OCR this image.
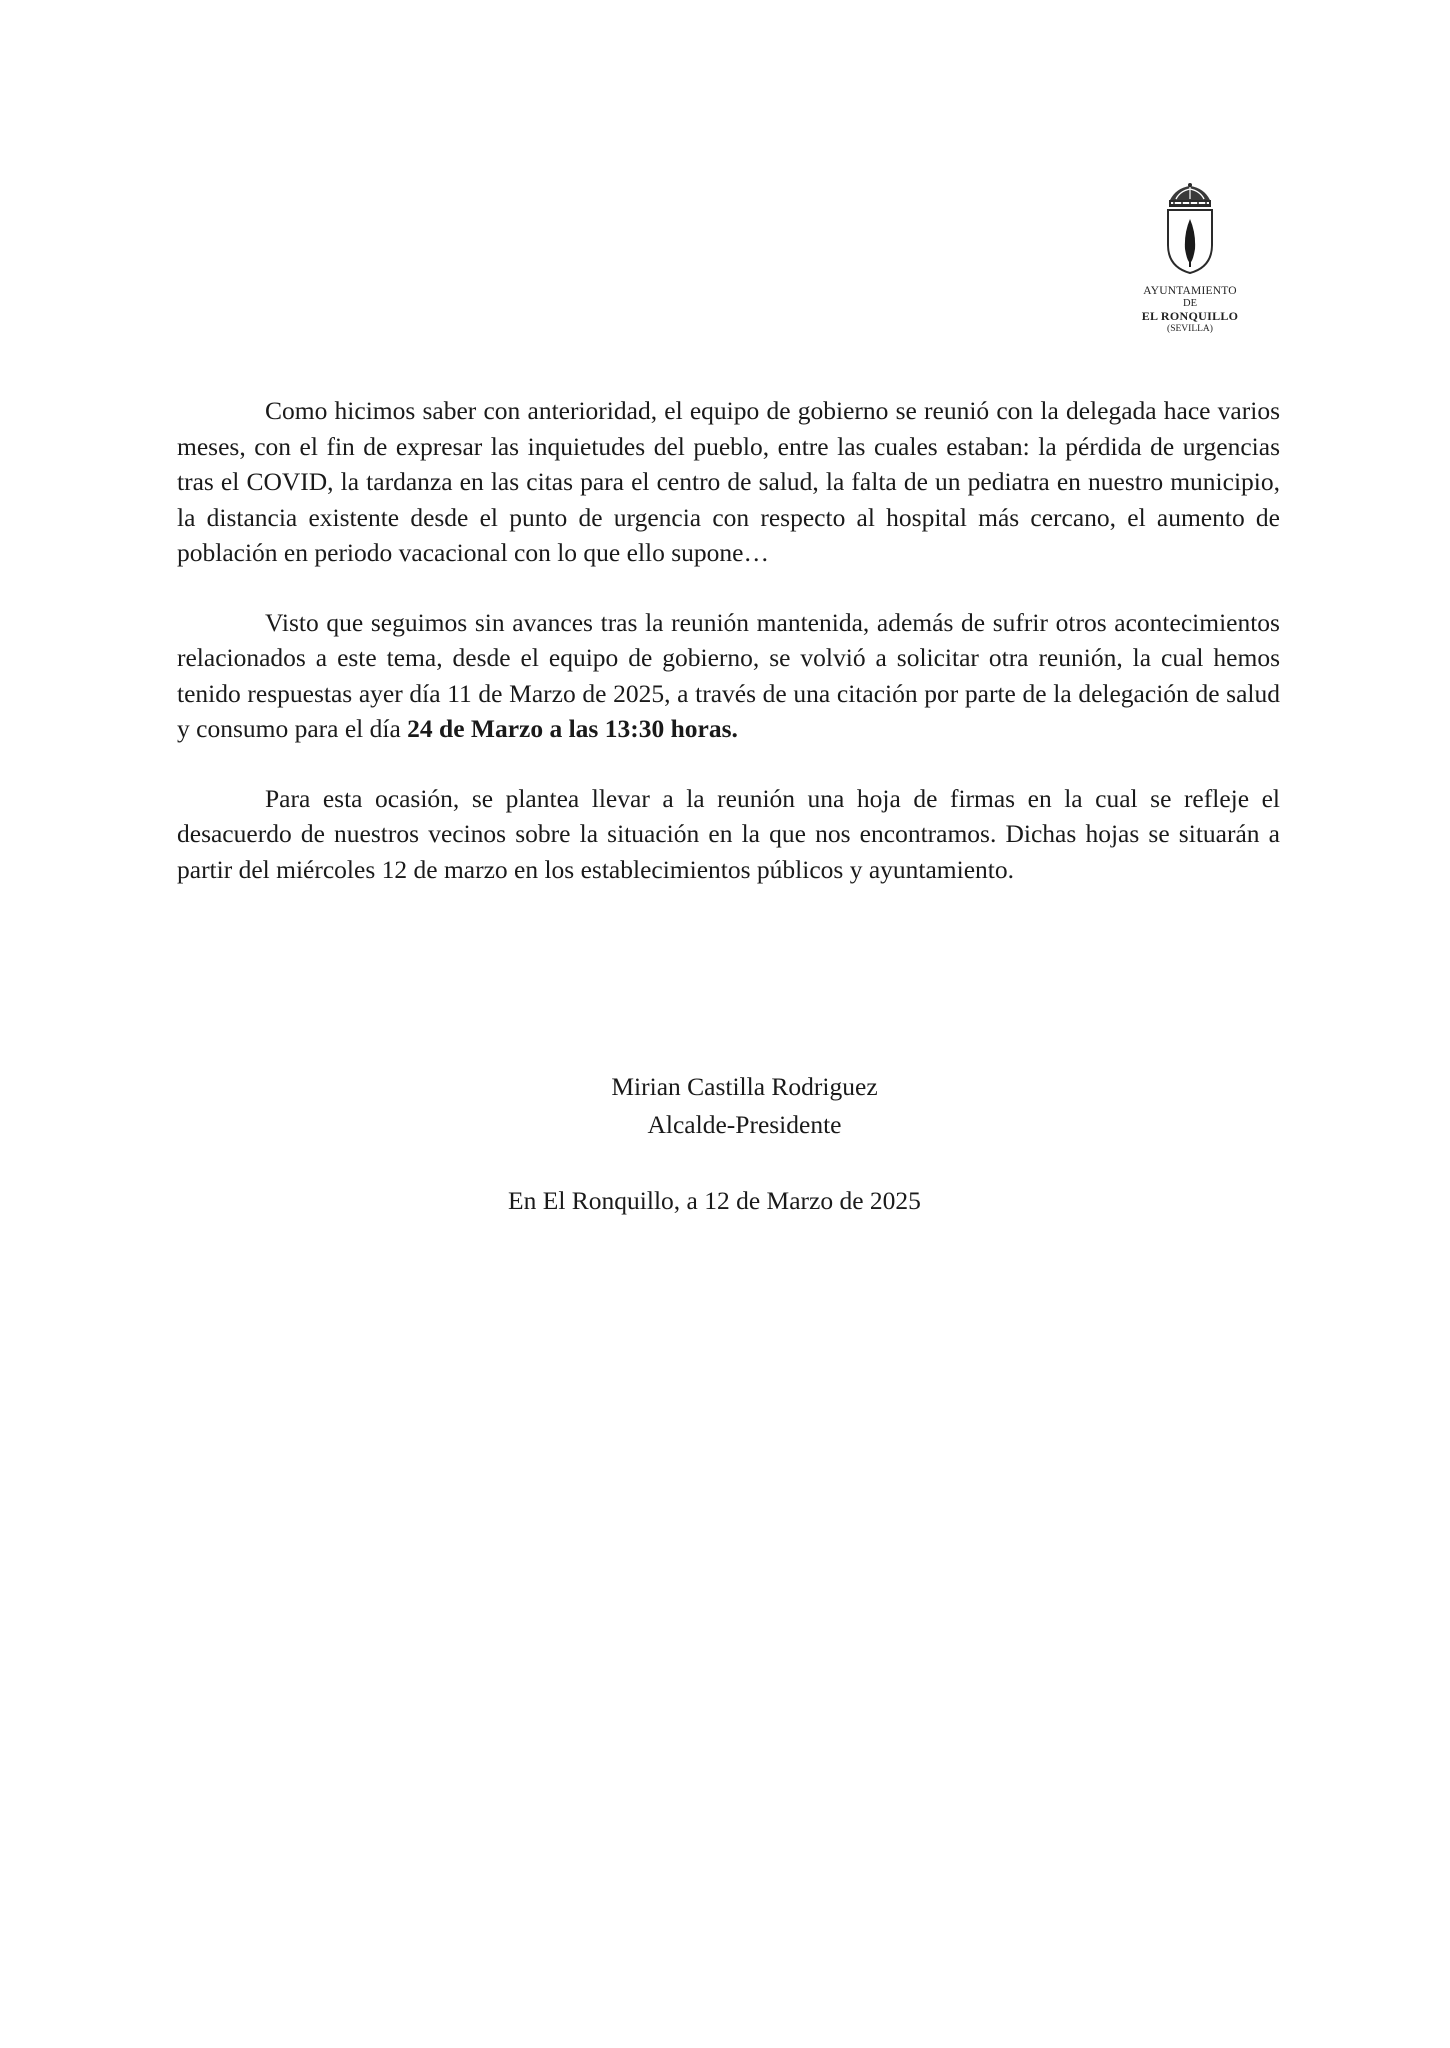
AYUNTAMIENTO
DE
EL RONQUILLO
(SEVILLA)

Como hicimos saber con anterioridad, el equipo de gobierno se reunió con la delegada hace varios meses, con el fin de expresar las inquietudes del pueblo, entre las cuales estaban: la pérdida de urgencias tras el COVID, la tardanza en las citas para el centro de salud, la falta de un pediatra en nuestro municipio, la distancia existente desde el punto de urgencia con respecto al hospital más cercano, el aumento de población en periodo vacacional con lo que ello supone…

Visto que seguimos sin avances tras la reunión mantenida, además de sufrir otros acontecimientos relacionados a este tema, desde el equipo de gobierno, se volvió a solicitar otra reunión, la cual hemos tenido respuestas ayer día 11 de Marzo de 2025, a través de una citación por parte de la delegación de salud y consumo para el día 24 de Marzo a las 13:30 horas.

Para esta ocasión, se plantea llevar a la reunión una hoja de firmas en la cual se refleje el desacuerdo de nuestros vecinos sobre la situación en la que nos encontramos. Dichas hojas se situarán a partir del miércoles 12 de marzo en los establecimientos públicos y ayuntamiento.

Mirian Castilla Rodriguez
Alcalde-Presidente
En El Ronquillo, a 12 de Marzo de 2025
